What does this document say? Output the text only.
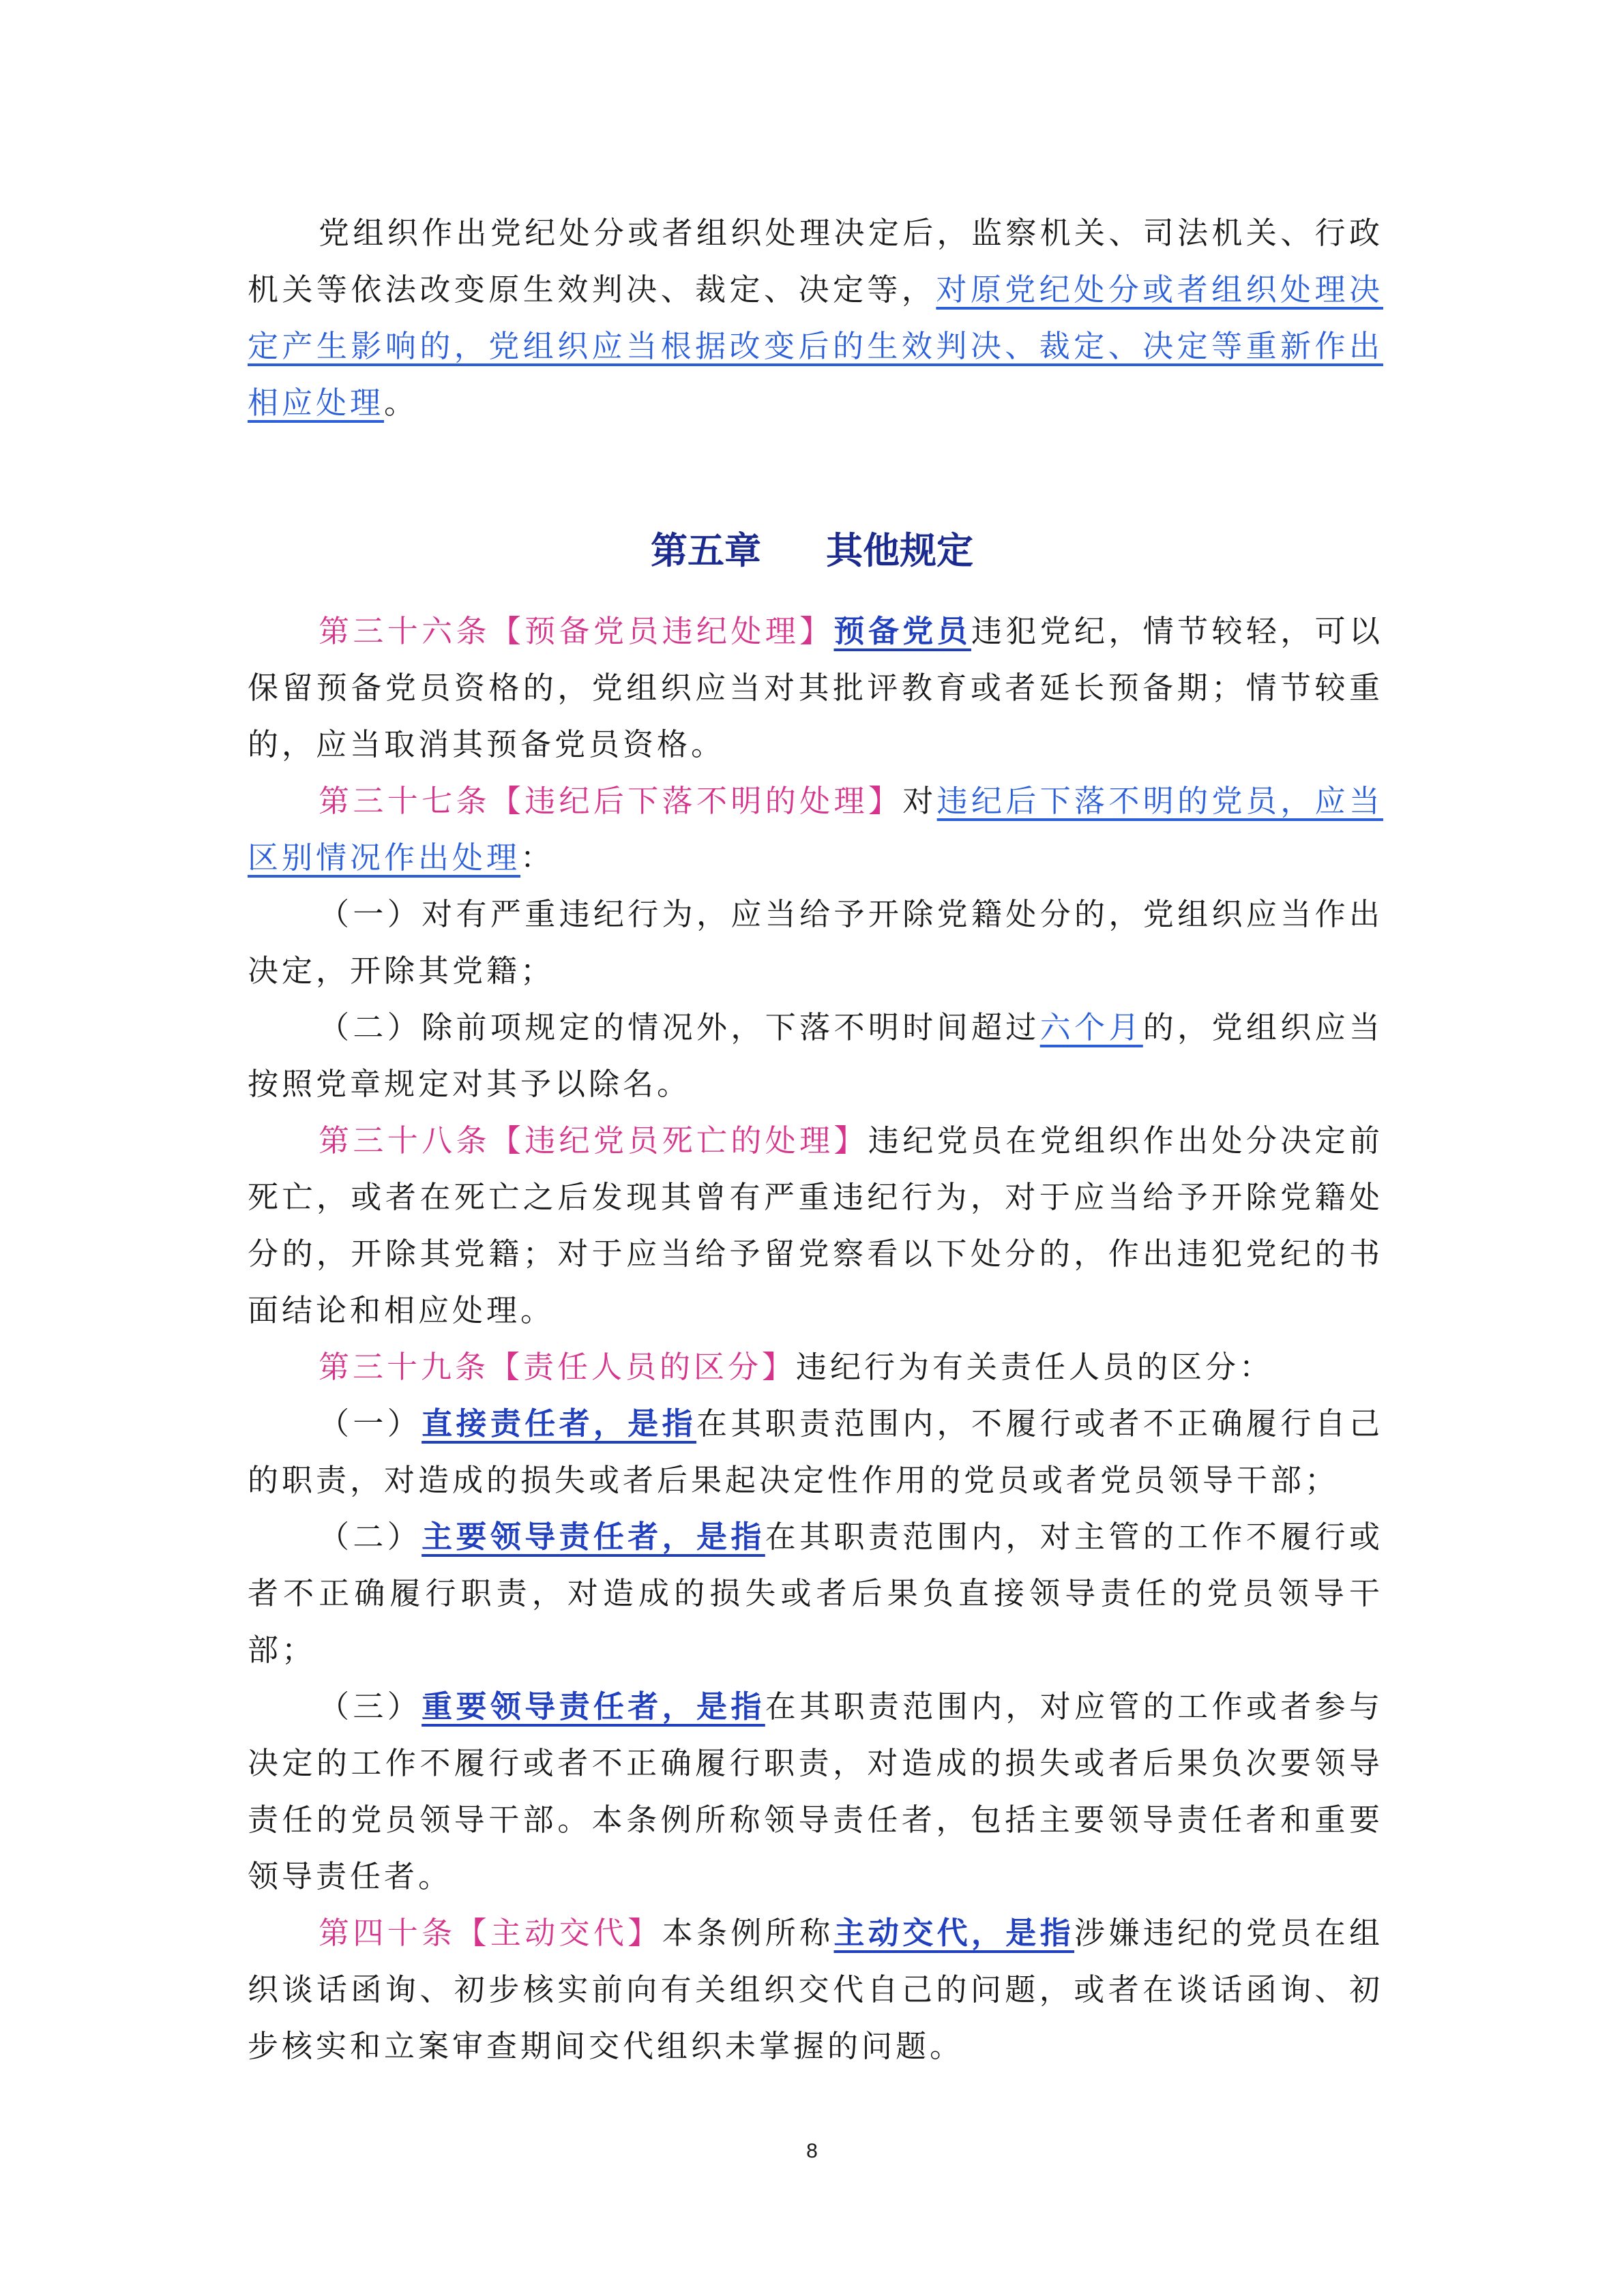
党组织作出党纪处分或者组织处理决定后，监察机关、司法机关、行政机关等依法改变原生效判决、裁定、决定等，对原党纪处分或者组织处理决定产生影响的，党组织应当根据改变后的生效判决、裁定、决定等重新作出相应处理。

第五章 其他规定

第三十六条【预备党员违纪处理】预备党员违犯党纪，情节较轻，可以保留预备党员资格的，党组织应当对其批评教育或者延长预备期；情节较重的，应当取消其预备党员资格。

第三十七条【违纪后下落不明的处理】对违纪后下落不明的党员，应当区别情况作出处理：

（一）对有严重违纪行为，应当给予开除党籍处分的，党组织应当作出决定，开除其党籍；

（二）除前项规定的情况外，下落不明时间超过六个月的，党组织应当按照党章规定对其予以除名。

第三十八条【违纪党员死亡的处理】违纪党员在党组织作出处分决定前死亡，或者在死亡之后发现其曾有严重违纪行为，对于应当给予开除党籍处分的，开除其党籍；对于应当给予留党察看以下处分的，作出违犯党纪的书面结论和相应处理。

第三十九条【责任人员的区分】违纪行为有关责任人员的区分：

（一）直接责任者，是指在其职责范围内，不履行或者不正确履行自己的职责，对造成的损失或者后果起决定性作用的党员或者党员领导干部；

（二）主要领导责任者，是指在其职责范围内，对主管的工作不履行或者不正确履行职责，对造成的损失或者后果负直接领导责任的党员领导干部；

（三）重要领导责任者，是指在其职责范围内，对应管的工作或者参与决定的工作不履行或者不正确履行职责，对造成的损失或者后果负次要领导责任的党员领导干部。本条例所称领导责任者，包括主要领导责任者和重要领导责任者。

第四十条【主动交代】本条例所称主动交代，是指涉嫌违纪的党员在组织谈话函询、初步核实前向有关组织交代自己的问题，或者在谈话函询、初步核实和立案审查期间交代组织未掌握的问题。

8
